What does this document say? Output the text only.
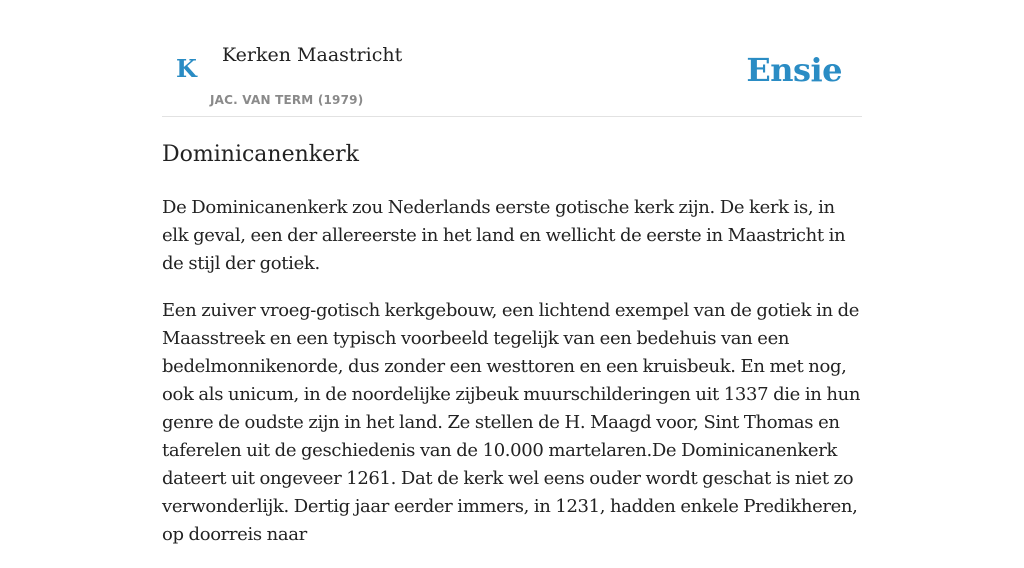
K Kerken Maastricht
JAC. VAN TERM (1979)
Ensie
Dominicanenkerk

De Dominicanenkerk zou Nederlands eerste gotische kerk zijn. De kerk is, in elk geval, een der allereerste in het land en wellicht de eerste in Maastricht in de stijl der gotiek.

Een zuiver vroeg-gotisch kerkgebouw, een lichtend exempel van de gotiek in de Maasstreek en een typisch voorbeeld tegelijk van een bedehuis van een bedelmonnikenorde, dus zonder een westtoren en een kruisbeuk. En met nog, ook als unicum, in de noordelijke zijbeuk muurschilderingen uit 1337 die in hun genre de oudste zijn in het land. Ze stellen de H. Maagd voor, Sint Thomas en taferelen uit de geschiedenis van de 10.000 martelaren.De Dominicanenkerk dateert uit ongeveer 1261. Dat de kerk wel eens ouder wordt geschat is niet zo verwonderlijk. Dertig jaar eerder immers, in 1231, hadden enkele Predikheren, op doorreis naar
